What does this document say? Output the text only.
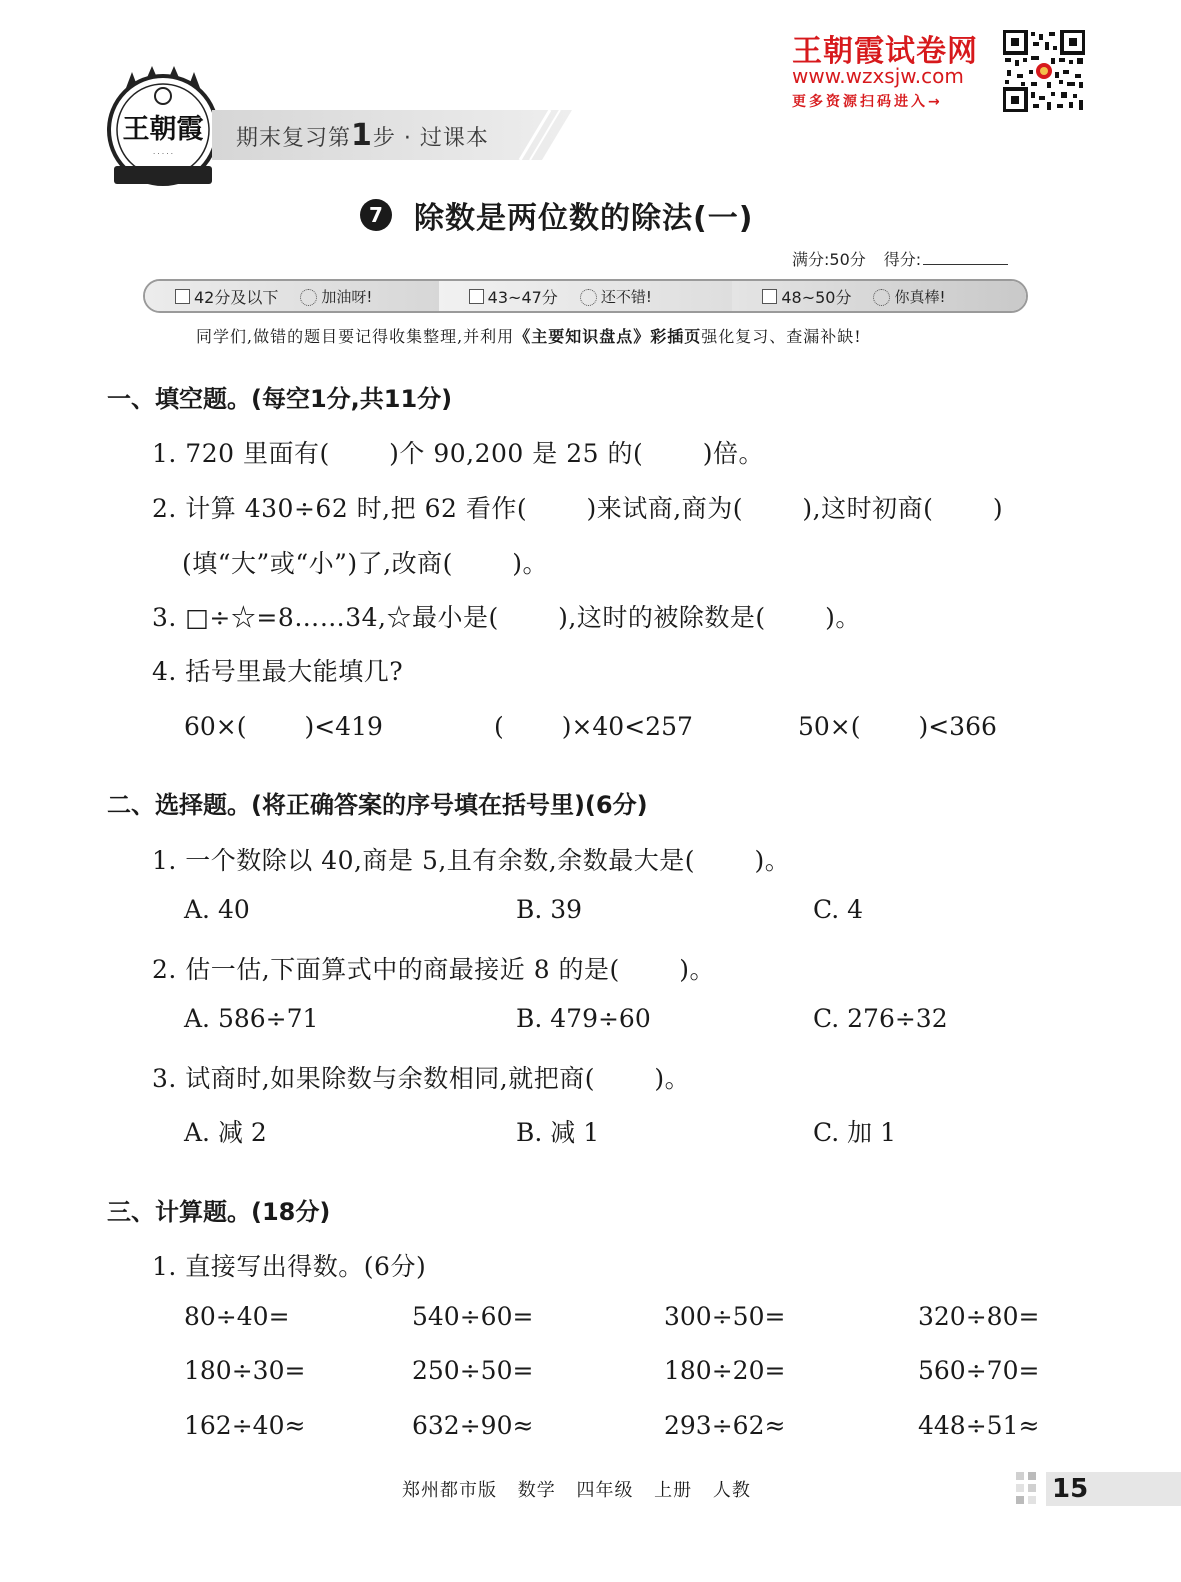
王朝霞
· · · · ·
期末复习第1步 · 过课本
王朝霞试卷网
www.wzxsjw.com
更多资源扫码进入→
7	除数是两位数的除法(一)
满分:50分 得分:
42分及以下	加油呀!	43~47分	还不错!	48~50分	你真棒!
同学们,做错的题目要记得收集整理,并利用《主要知识盘点》彩插页强化复习、查漏补缺!
一、填空题。(每空1分,共11分)
1. 720 里面有(　　 )个 90,200 是 25 的(　　 )倍。
2. 计算 430÷62 时,把 62 看作(　　 )来试商,商为(　　 ),这时初商(　　 )
(填“大”或“小”)了,改商(　　 )。
3. □÷☆=8……34,☆最小是(　　 ),这时的被除数是(　　 )。
4. 括号里最大能填几?
60×(　　 )<419	(　　 )×40<257	50×(　　 )<366
二、选择题。(将正确答案的序号填在括号里)(6分)
1. 一个数除以 40,商是 5,且有余数,余数最大是(　　 )。
A. 40	B. 39	C. 4
2. 估一估,下面算式中的商最接近 8 的是(　　 )。
A. 586÷71	B. 479÷60	C. 276÷32
3. 试商时,如果除数与余数相同,就把商(　　 )。
A. 减 2	B. 减 1	C. 加 1
三、计算题。(18分)
1. 直接写出得数。(6分)
80÷40=	540÷60=	300÷50=	320÷80=
180÷30=	250÷50=	180÷20=	560÷70=
162÷40≈	632÷90≈	293÷62≈	448÷51≈
郑州都市版 数学 四年级 上册 人教	15
